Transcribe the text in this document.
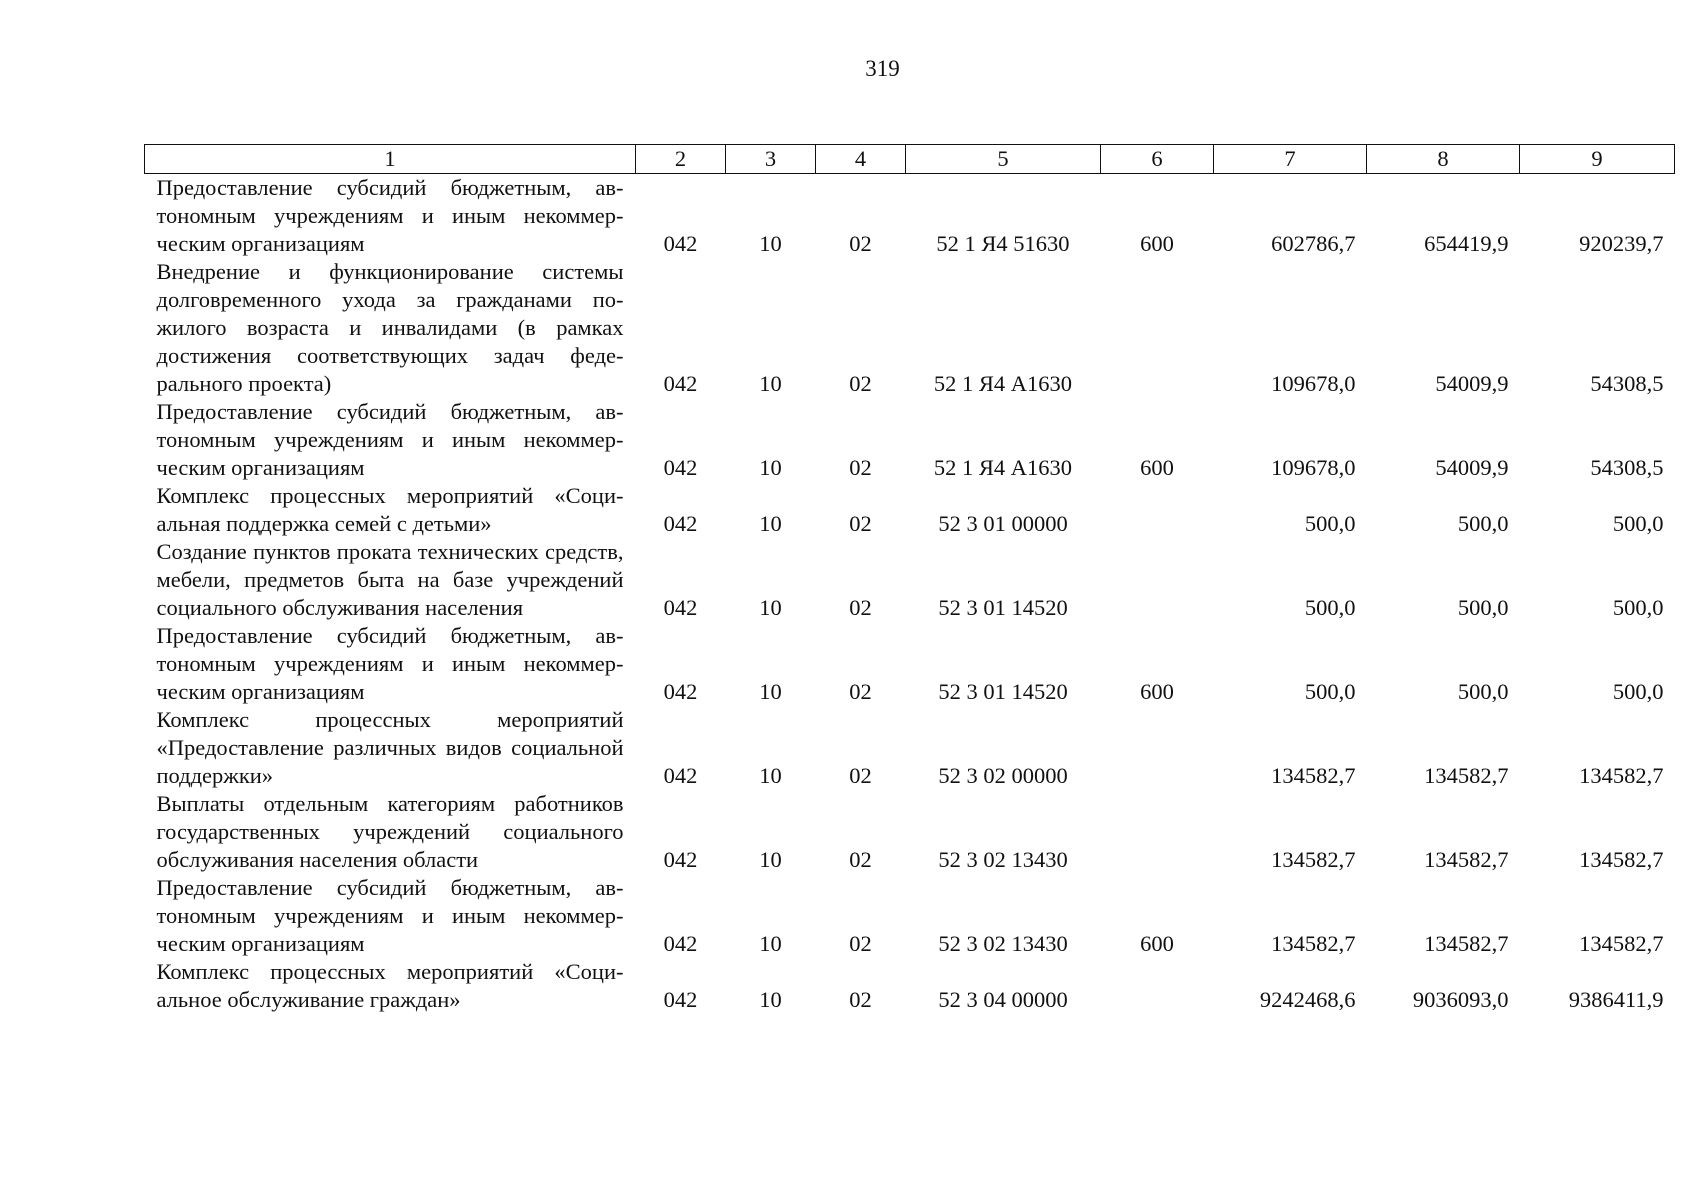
319
1	2	3	4	5	6	7	8	9
Предоставление субсидий бюджетным, автономным учреждениям и иным некоммерческим организациям	042	10	02	52 1 Я4 51630	600	602786,7	654419,9	920239,7
Внедрение и функционирование системы долговременного ухода за гражданами пожилого возраста и инвалидами (в рамках достижения соответствующих задач федерального проекта)	042	10	02	52 1 Я4 А1630		109678,0	54009,9	54308,5
Предоставление субсидий бюджетным, автономным учреждениям и иным некоммерческим организациям	042	10	02	52 1 Я4 А1630	600	109678,0	54009,9	54308,5
Комплекс процессных мероприятий «Социальная поддержка семей с детьми»	042	10	02	52 3 01 00000		500,0	500,0	500,0
Создание пунктов проката технических средств, мебели, предметов быта на базе учреждений социального обслуживания населения	042	10	02	52 3 01 14520		500,0	500,0	500,0
Предоставление субсидий бюджетным, автономным учреждениям и иным некоммерческим организациям	042	10	02	52 3 01 14520	600	500,0	500,0	500,0
Комплекс процессных мероприятий «Предоставление различных видов социальной поддержки»	042	10	02	52 3 02 00000		134582,7	134582,7	134582,7
Выплаты отдельным категориям работников государственных учреждений социального обслуживания населения области	042	10	02	52 3 02 13430		134582,7	134582,7	134582,7
Предоставление субсидий бюджетным, автономным учреждениям и иным некоммерческим организациям	042	10	02	52 3 02 13430	600	134582,7	134582,7	134582,7
Комплекс процессных мероприятий «Социальное обслуживание граждан»	042	10	02	52 3 04 00000		9242468,6	9036093,0	9386411,9
